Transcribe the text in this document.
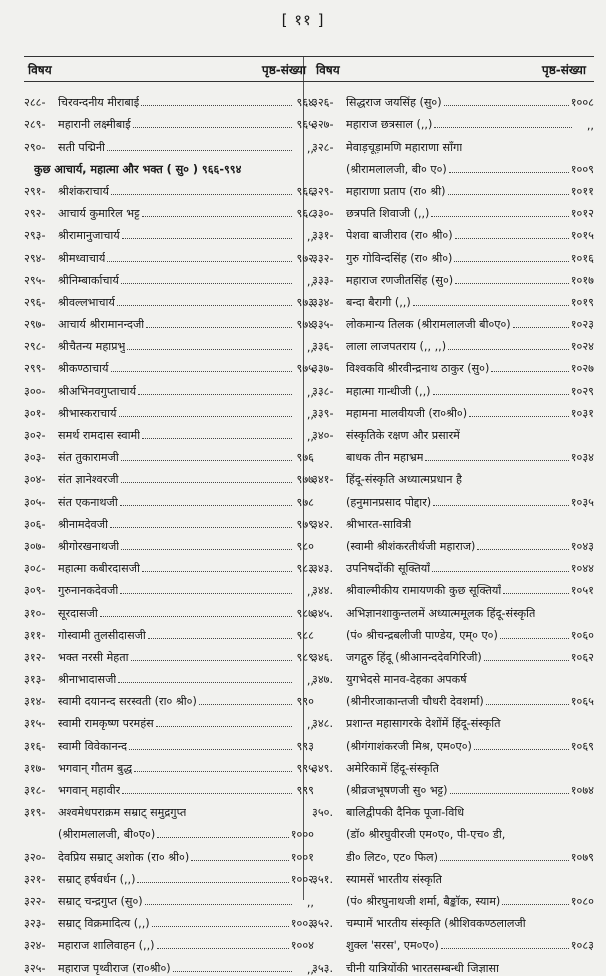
[ ११ ]
विषय	पृष्ठ-संख्या
२८८-	चिरवन्दनीय मीराबाई	९६४
२८९-	महारानी लक्ष्मीबाई	९६५
२९०-	सती पद्मिनी	,,
कुछ आचार्य, महात्मा और भक्त ( सु० ) ९६६-९९४
२९१-	श्रीशंकराचार्य	९६६
२९२-	आचार्य कुमारिल भट्ट	९६८
२९३-	श्रीरामानुजाचार्य	,,
२९४-	श्रीमध्वाचार्य	९७२
२९५-	श्रीनिम्बार्काचार्य	,,
२९६-	श्रीवल्लभाचार्य	९७३
२९७-	आचार्य श्रीरामानन्दजी	९७४
२९८-	श्रीचैतन्य महाप्रभु	,,
२९९-	श्रीकण्ठाचार्य	९७५
३००-	श्रीअभिनवगुप्ताचार्य	,,
३०१-	श्रीभास्कराचार्य	,,
३०२-	समर्थ रामदास स्वामी	,,
३०३-	संत तुकारामजी	९७६
३०४-	संत ज्ञानेश्वरजी	९७७
३०५-	संत एकनाथजी	९७८
३०६-	श्रीनामदेवजी	९७९
३०७-	श्रीगोरखनाथजी	९८०
३०८-	महात्मा कबीरदासजी	९८३
३०९-	गुरुनानकदेवजी	,,
३१०-	सूरदासजी	९८७
३११-	गोस्वामी तुलसीदासजी	९८८
३१२-	भक्त नरसी मेहता	९८९
३१३-	श्रीनाभादासजी	,,
३१४-	स्वामी दयानन्द सरस्वती (रा० श्री०)	९९०
३१५-	स्वामी रामकृष्ण परमहंस	,,
३१६-	स्वामी विवेकानन्द	९९३
३१७-	भगवान् गौतम बुद्ध	९९५
३१८-	भगवान् महावीर	९९९
३१९-	अश्वमेधपराक्रम सम्राट् समुद्रगुप्त
(श्रीरामलालजी, बी०ए०)	१०००
३२०-	देवप्रिय सम्राट् अशोक (रा० श्री०)	१००१
३२१-	सम्राट् हर्षवर्धन (,,)	१००२
३२२-	सम्राट् चन्द्रगुप्त (सु०)	,,
३२३-	सम्राट् विक्रमादित्य (,,)	१००३
३२४-	महाराज शालिवाहन (,,)	१००४
३२५-	महाराज पृथ्वीराज (रा०श्री०)	,,
विषय	पृष्ठ-संख्या
३२६-	सिद्धराज जयसिंह (सु०)	१००८
३२७-	महाराज छत्रसाल (,,)	,,
३२८-	मेवाड़चूड़ामणि महाराणा साँगा
(श्रीरामलालजी, बी० ए०)	१००९
३२९-	महाराणा प्रताप (रा० श्री)	१०११
३३०-	छत्रपति शिवाजी (,,)	१०१२
३३१-	पेशवा बाजीराव (रा० श्री०)	१०१५
३३२-	गुरु गोविन्दसिंह (रा० श्री०)	१०१६
३३३-	महाराज रणजीतसिंह (सु०)	१०१७
३३४-	बन्दा बैरागी (,,)	१०१९
३३५-	लोकमान्य तिलक (श्रीरामलालजी बी०ए०)	१०२३
३३६-	लाला लाजपतराय (,, ,,)	१०२४
३३७-	विश्वकवि श्रीरवीन्द्रनाथ ठाकुर (सु०)	१०२७
३३८-	महात्मा गान्धीजी (,,)	१०२९
३३९-	महामना मालवीयजी (रा०श्री०)	१०३१
३४०-	संस्कृतिके रक्षण और प्रसारमें
बाधक तीन महाभ्रम	१०३४
३४१-	हिंदू-संस्कृति अध्यात्मप्रधान है
(हनुमानप्रसाद पोद्दार)	१०३५
३४२.	श्रीभारत-सावित्री
(स्वामी श्रीशंकरतीर्थजी महाराज)	१०४३
३४३.	उपनिषदोंकी सूक्तियाँ	१०४४
३४४.	श्रीवाल्मीकीय रामायणकी कुछ सूक्तियाँ	१०५१
३४५.	अभिज्ञानशाकुन्तलमें अध्यात्ममूलक हिंदू-संस्कृति
(पं० श्रीचन्द्रबलीजी पाण्डेय, एम्० ए०)	१०६०
३४६.	जगद्गुरु हिंदू (श्रीआनन्ददेवगिरिजी)	१०६२
३४७.	युगभेदसे मानव-देहका अपकर्ष
(श्रीनीरजाकान्तजी चौधरी देवशर्मा)	१०६५
३४८.	प्रशान्त महासागरके देशोंमें हिंदू-संस्कृति
(श्रीगंगाशंकरजी मिश्र, एम०ए०)	१०६९
३४९.	अमेरिकामें हिंदू-संस्कृति
(श्रीव्रजभूषणजी सु० भट्ट)	१०७४
३५०.	बालिद्वीपकी दैनिक पूजा-विधि
(डॉ० श्रीरघुवीरजी एम०ए०, पी-एच० डी,
डी० लिट०, एट० फिल)	१०७९
३५१.	स्यामसें भारतीय संस्कृति
(पं० श्रीरघुनाथजी शर्मा, बैङ्कॉक, स्याम)	१०८०
३५२.	चम्पामें भारतीय संस्कृति (श्रीशिवकण्ठलालजी
शुक्ल 'सरस', एम०ए०)	१०८३
३५३.	चीनी यात्रियोंकी भारतसम्बन्धी जिज्ञासा
